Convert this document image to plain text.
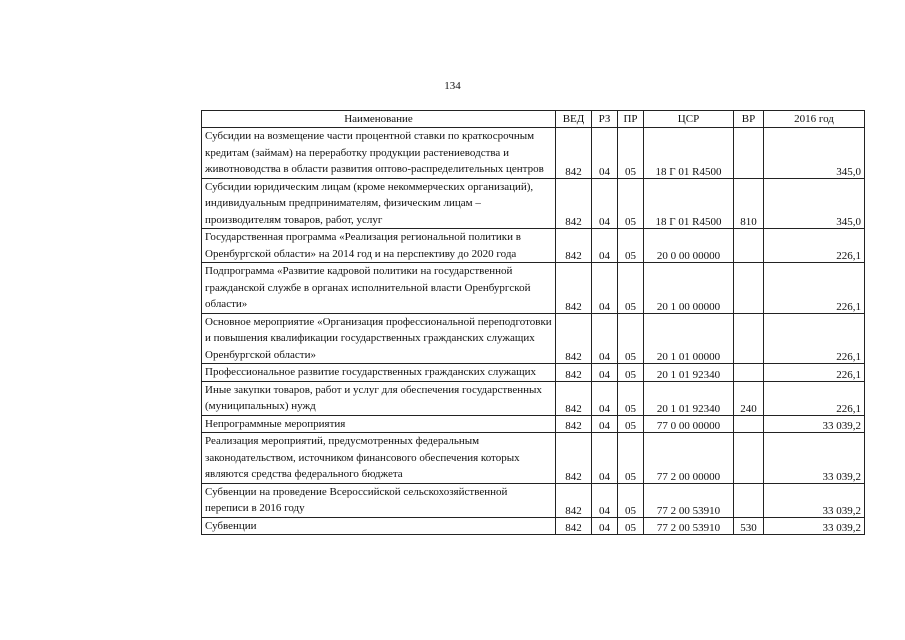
134
Наименование	ВЕД	РЗ	ПР	ЦСР	ВР	2016 год
Субсидии на возмещение части процентной ставки по краткосрочным кредитам (займам) на переработку продукции растениеводства и животноводства в области развития оптово-распределительных центров	842	04	05	18 Г 01 R4500		345,0
Субсидии юридическим лицам (кроме некоммерческих организаций), индивидуальным предпринимателям, физическим лицам – производителям товаров, работ, услуг	842	04	05	18 Г 01 R4500	810	345,0
Государственная программа «Реализация региональной политики в Оренбургской области» на 2014 год и на перспективу до 2020 года	842	04	05	20 0 00 00000		226,1
Подпрограмма «Развитие кадровой политики на государственной гражданской службе в органах исполнительной власти Оренбургской области»	842	04	05	20 1 00 00000		226,1
Основное мероприятие «Организация профессиональной переподготовки и повышения квалификации государственных гражданских служащих Оренбургской области»	842	04	05	20 1 01 00000		226,1
Профессиональное развитие государственных гражданских служащих	842	04	05	20 1 01 92340		226,1
Иные закупки товаров, работ и услуг для обеспечения государственных (муниципальных) нужд	842	04	05	20 1 01 92340	240	226,1
Непрограммные мероприятия	842	04	05	77 0 00 00000		33 039,2
Реализация мероприятий, предусмотренных федеральным законодательством, источником финансового обеспечения которых являются средства федерального бюджета	842	04	05	77 2 00 00000		33 039,2
Субвенции на проведение Всероссийской сельскохозяйственной переписи в 2016 году	842	04	05	77 2 00 53910		33 039,2
Субвенции	842	04	05	77 2 00 53910	530	33 039,2
